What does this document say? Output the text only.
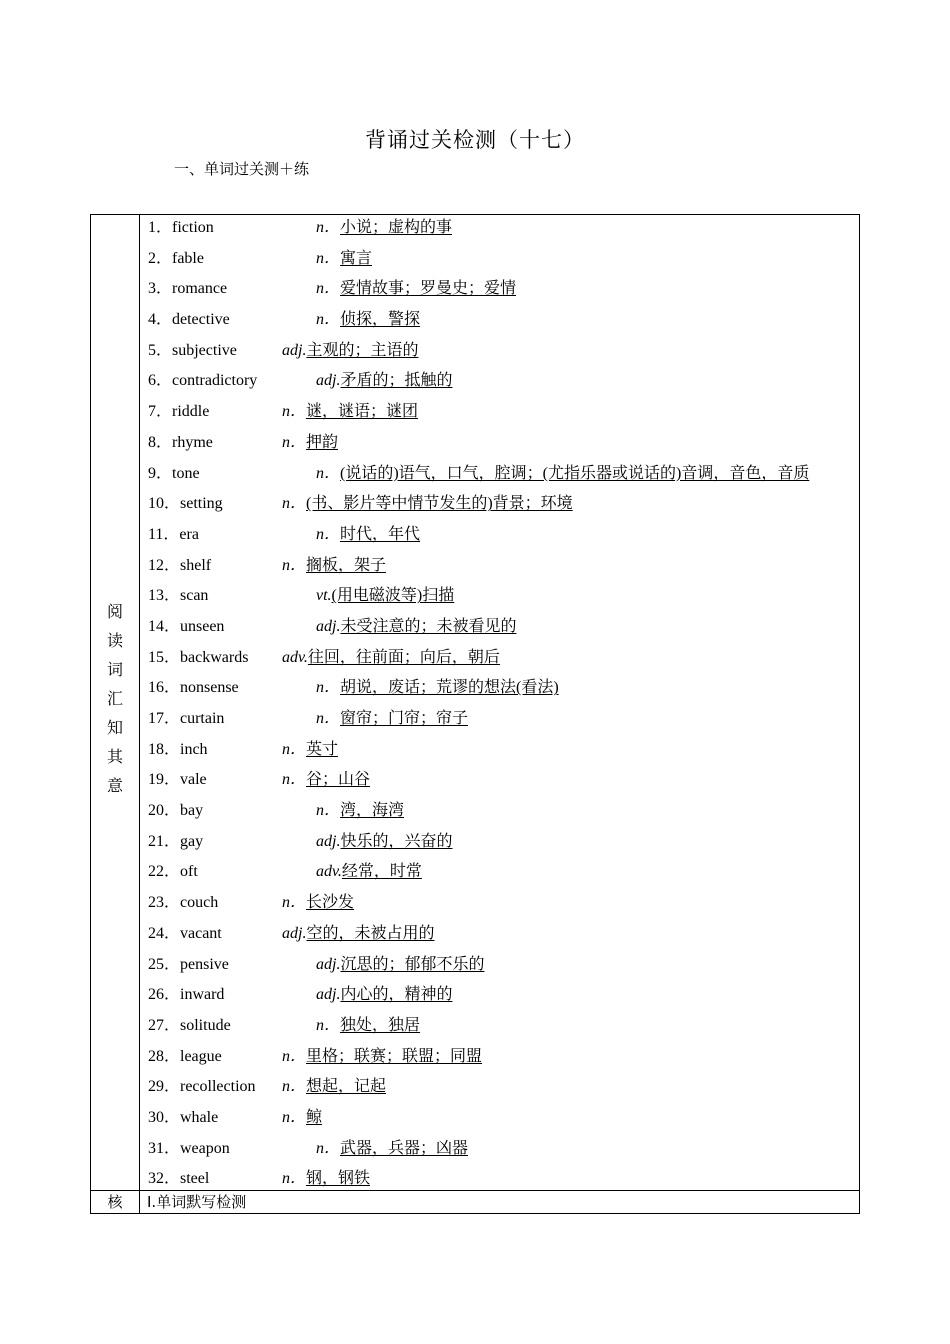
背诵过关检测（十七）
一、单词过关测＋练
阅
读
词
汇
知
其
意
1．fiction	n．小说；虚构的事
2．fable	n．寓言
3．romance	n．爱情故事；罗曼史；爱情
4．detective	n．侦探，警探
5．subjective	adj.主观的；主语的
6．contradictory	adj.矛盾的；抵触的
7．riddle	n．谜，谜语；谜团
8．rhyme	n．押韵
9．tone	n．(说话的)语气，口气，腔调；(尤指乐器或说话的)音调，音色，音质
10．setting	n．(书、影片等中情节发生的)背景；环境
11．era	n．时代，年代
12．shelf	n．搁板，架子
13．scan	vt.(用电磁波等)扫描
14．unseen	adj.未受注意的；未被看见的
15．backwards adv.往回，往前面；向后，朝后
16．nonsense	n．胡说，废话；荒谬的想法(看法)
17．curtain	n．窗帘；门帘；帘子
18．inch	n．英寸
19．vale	n．谷；山谷
20．bay	n．湾，海湾
21．gay	adj.快乐的，兴奋的
22．oft	adv.经常，时常
23．couch	n．长沙发
24．vacant	adj.空的，未被占用的
25．pensive	adj.沉思的；郁郁不乐的
26．inward	adj.内心的，精神的
27．solitude	n．独处，独居
28．league	n．里格；联赛；联盟；同盟
29．recollection n．想起，记起
30．whale	n．鲸
31．weapon	n．武器，兵器；凶器
32．steel	n．钢，钢铁
核	I.单词默写检测
